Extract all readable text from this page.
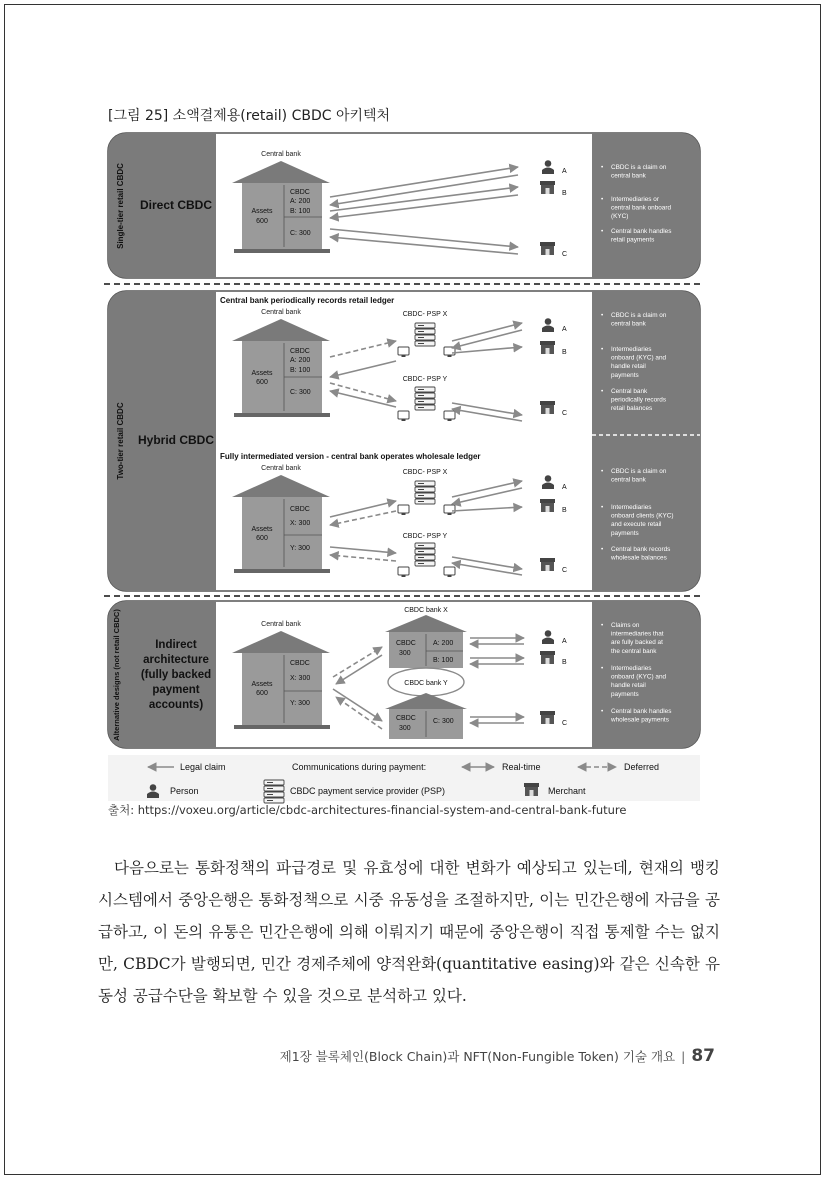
[그림 25] 소액결제용(retail) CBDC 아키텍처
Single-tier retail CBDC Direct CBDC
Central bank
Assets
600
CBDC
A: 200
B: 100
C: 300
A
B
C
• CBDC is a claim on central bank
• Intermediaries or central bank onboard (KYC)
• Central bank handles retail payments
Two-tier retail CBDC Hybrid CBDC
Central bank periodically records retail ledger
Fully intermediated version - central bank operates wholesale ledger
Central bank
Assets
600
CBDC
A: 200
B: 100
C: 300
CBDC- PSP X
CBDC- PSP Y
A
B
C
Central bank
Assets
600
CBDC
X: 300
Y: 300
CBDC- PSP X
CBDC- PSP Y
A
B
C
• CBDC is a claim on central bank
• Intermediaries onboard (KYC) and handle retail payments
• Central bank periodically records retail balances
• CBDC is a claim on central bank
• Intermediaries onboard clients (KYC) and execute retail payments
• Central bank records wholesale balances
Alternative designs (not retail CBDC)	Indirect
architecture
(fully backed
payment
accounts)
Central bank
Assets
600
CBDC
X: 300
Y: 300
CBDC bank X
CBDC
300
A: 200
B: 100
CBDC bank Y
CBDC
300
C: 300
A
B
C
• Claims on intermediaries that are fully backed at the central bank
• Intermediaries onboard (KYC) and handle retail payments
• Central bank handles wholesale payments
Legal claim	Communications during payment:	Real-time	Deferred
Person	CBDC payment service provider (PSP)	Merchant
출처: https://voxeu.org/article/cbdc-architectures-financial-system-and-central-bank-future

다음으로는 통화정책의 파급경로 및 유효성에 대한 변화가 예상되고 있는데, 현재의 뱅킹시스템에서 중앙은행은 통화정책으로 시중 유동성을 조절하지만, 이는 민간은행에 자금을 공급하고, 이 돈의 유통은 민간은행에 의해 이뤄지기 때문에 중앙은행이 직접 통제할 수는 없지만, CBDC가 발행되면, 민간 경제주체에 양적완화(quantitative easing)와 같은 신속한 유동성 공급수단을 확보할 수 있을 것으로 분석하고 있다.

제1장 블록체인(Block Chain)과 NFT(Non-Fungible Token) 기술 개요 | 87
